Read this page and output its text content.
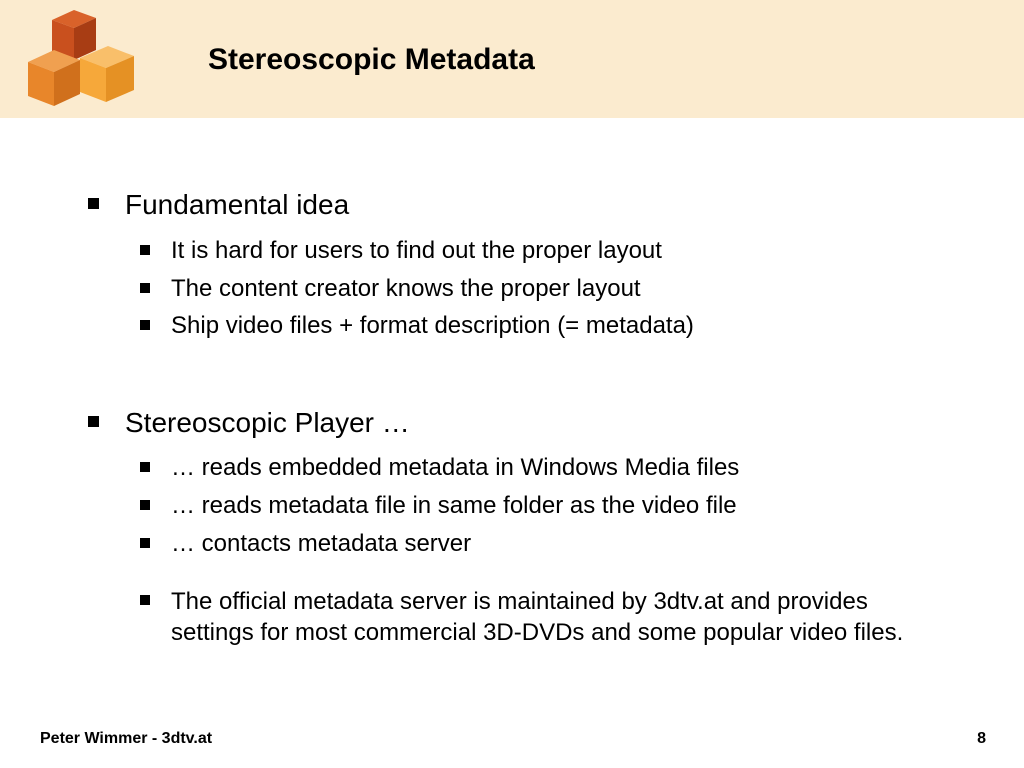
Stereoscopic Metadata
Fundamental idea
It is hard for users to find out the proper layout
The content creator knows the proper layout
Ship video files + format description (= metadata)
Stereoscopic Player …
… reads embedded metadata in Windows Media files
… reads metadata file in same folder as the video file
… contacts metadata server
The official metadata server is maintained by 3dtv.at and provides settings for most commercial 3D-DVDs and some popular video files.
Peter Wimmer - 3dtv.at	8
